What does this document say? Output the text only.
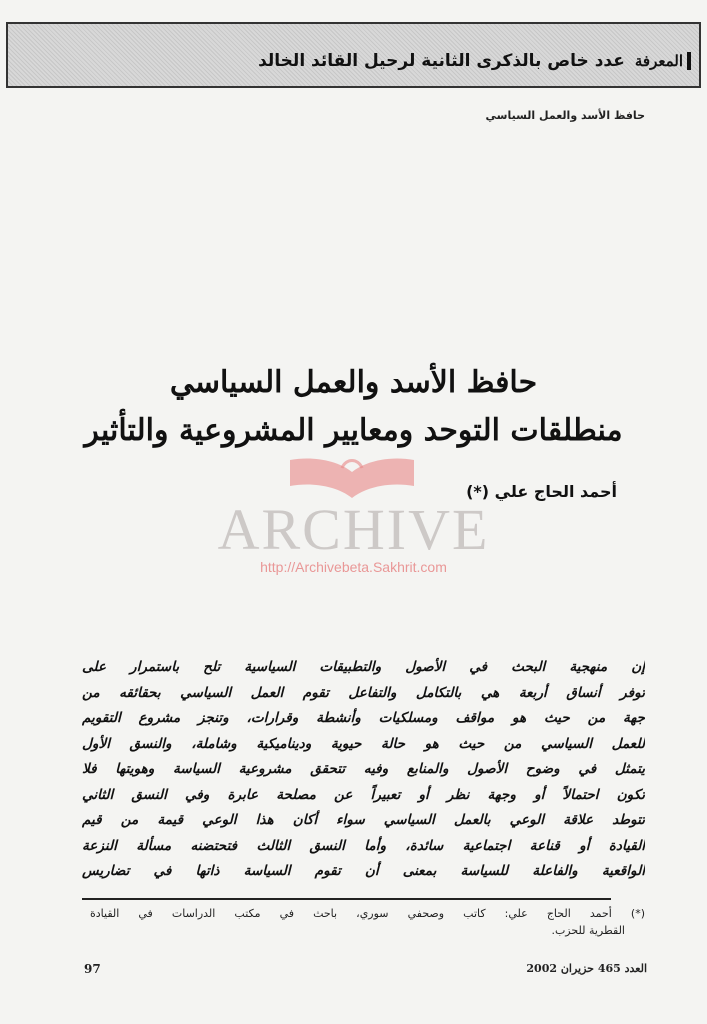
المعرفة
عدد خاص بالذكرى الثانية لرحيل القائد الخالد
حافظ الأسد والعمل السياسي
حافظ الأسد والعمل السياسي
منطلقات التوحد ومعايير المشروعية والتأثير
ARCHIVE
http://Archivebeta.Sakhrit.com
أحمد الحاج علي (*)
إن منهجية البحث في الأصول والتطبيقات السياسية تلح باستمرار على
توفر أنساق أربعة هي بالتكامل والتفاعل تقوم العمل السياسي بحقائقه من
جهة من حيث هو مواقف ومسلكيات وأنشطة وقرارات، وتنجز مشروع التقويم
للعمل السياسي من حيث هو حالة حيوية وديناميكية وشاملة، والنسق الأول
يتمثل في وضوح الأصول والمنابع وفيه تتحقق مشروعية السياسة وهويتها فلا
تكون احتمالاً أو وجهة نظر أو تعبيراً عن مصلحة عابرة وفي النسق الثاني
تتوطد علاقة الوعي بالعمل السياسي سواء أكان هذا الوعي قيمة من قيم
القيادة أو قناعة اجتماعية سائدة، وأما النسق الثالث فتحتضنه مسألة النزعة
الواقعية والفاعلة للسياسة بمعنى أن تقوم السياسة ذاتها في تضاريس
(*) أحمد الحاج علي: كاتب وصحفي سوري، باحث في مكتب الدراسات في القيادة
القطرية للحزب.
العدد 465 حزيران 2002
97
